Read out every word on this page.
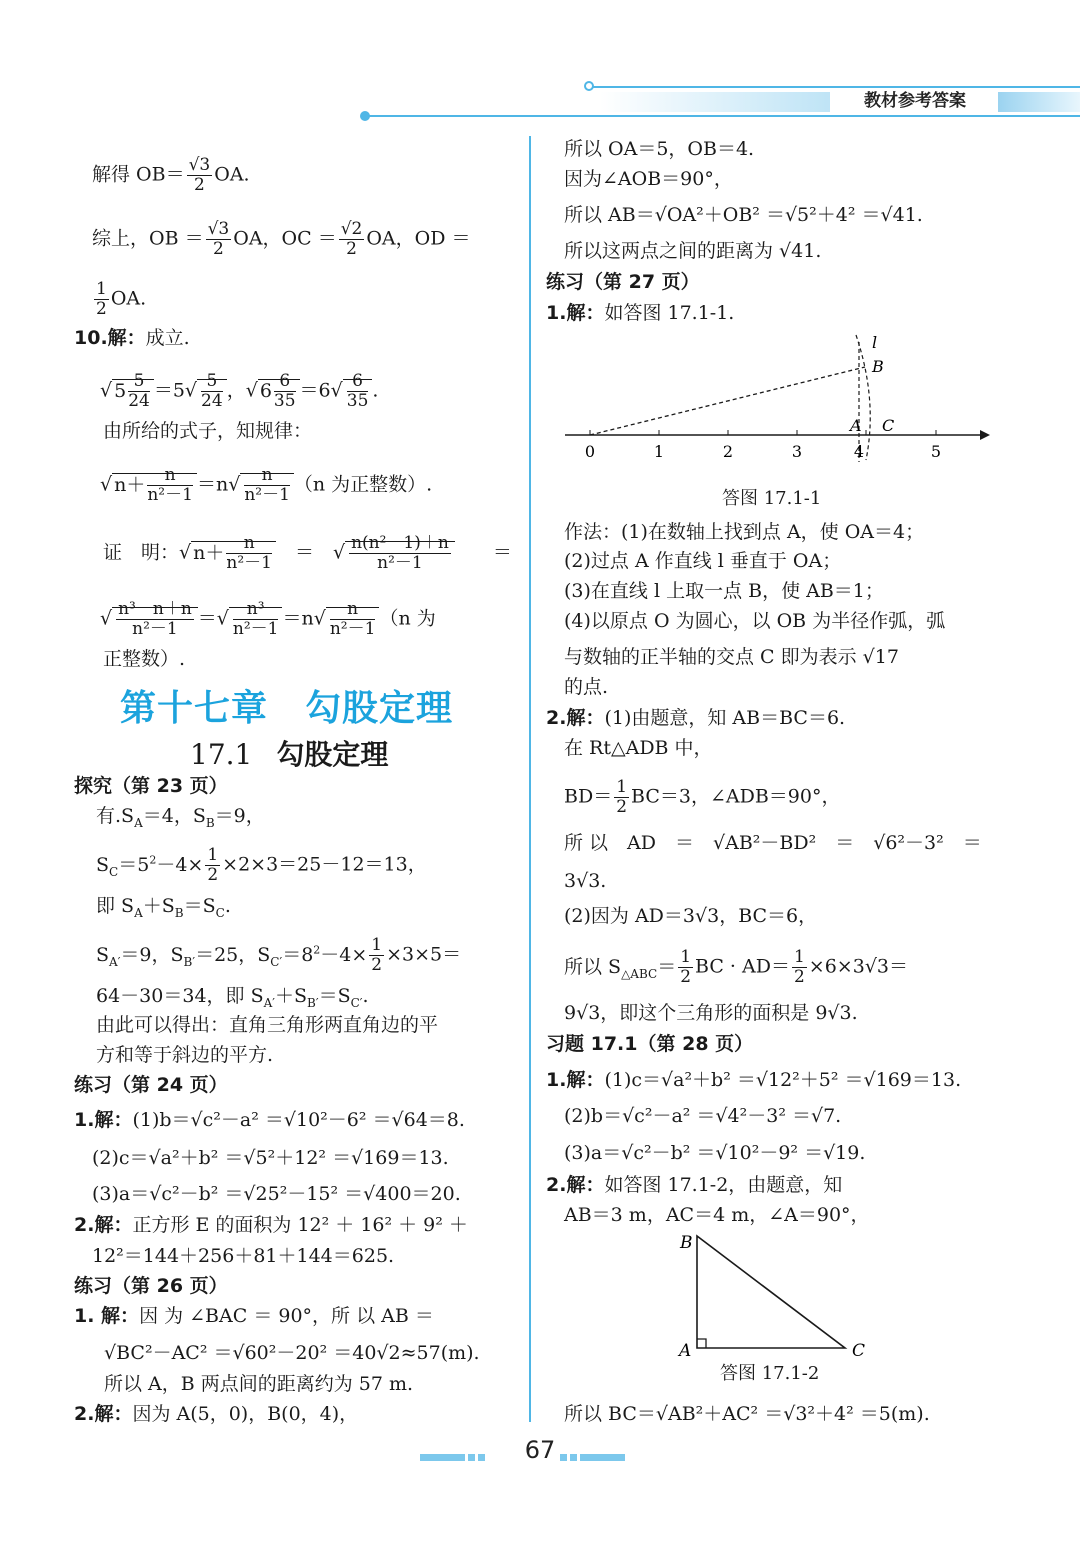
教材参考答案
解得 $OB= \frac{√3}{2}$ OA.
综上，OB ＝ $\frac{√3}{2}$ OA，OC ＝ $\frac{√2}{2}$ OA，OD ＝
$\frac{1}{2}$ OA.
10.解：成立.
√ $5 \frac{5}{24} =5√ \frac{5}{24}$ ，√ $6 \frac{6}{35} =6√ \frac{6}{35}$ .
由所给的式子，知规律：
√ $n+ \frac{n}{\text{n²－1}} =n√ \frac{n}{\text{n²－1}} (n$ 为正整数）.
证　明：√ $n+ \frac{n}{\text{n²－1}}$ 　＝　√ $\frac{\text{n(n²－1)＋n}}{\text{n²－1}}$ 　　＝
√ $\frac{\text{n³－n＋n}}{\text{n²－1}}$ ＝√ $\frac{\text{n³}}{\text{n²－1}} =n√ \frac{n}{\text{n²－1}} (n$ 为
正整数）.
第十七章　勾股定理
17.1 勾股定理
探究（第 23 页）
有$.S_A=4$，$S_B=9$，
$S_C=5^2-4\times \frac{1}{2} \times 2\times 3=25-12=13$，
即 $S_A+S_B=S_C$.
$S_{A'}=9$，$S_{B'}=25$，$S_{C'}=8^2-4\times \frac{1}{2} \times 3\times 5=$
64－30＝34，即 $S_{A'}+S_{B'}=S_{C'}$.
由此可以得出：直角三角形两直角边的平
方和等于斜边的平方.
练习（第 24 页）
1.解：(1)b＝√c²－a² ＝√10²－6² ＝√64＝8.
(2)c＝√a²＋b² ＝√5²＋12² ＝√169＝13.
(3)a＝√c²－b² ＝√25²－15² ＝√400＝20.
2.解：正方形 E 的面积为 12² ＋ 16² ＋ 9² ＋
12²＝144＋256＋81＋144＝625.
练习（第 26 页）
1. 解：因 为 ∠BAC ＝ 90°，所 以 AB ＝
√BC²－AC² ＝√60²－20² ＝40√2≈57(m).
所以 A，B 两点间的距离约为 57 m.
2.解：因为 A(5，0)，B(0，4)，
所以 OA＝5，OB＝4.
因为∠AOB＝90°，
所以 AB＝√OA²＋OB² ＝√5²＋4² ＝√41.
所以这两点之间的距离为 √41.
练习（第 27 页）
1.解：如答图 17.1-1.
0	1	2	3	4	5
l
B
A C
答图 17.1-1
作法：(1)在数轴上找到点 A，使 OA＝4；
(2)过点 A 作直线 l 垂直于 OA；
(3)在直线 l 上取一点 B，使 AB＝1；
(4)以原点 O 为圆心，以 OB 为半径作弧，弧
与数轴的正半轴的交点 C 即为表示 √17
的点.
2.解：(1)由题意，知 AB＝BC＝6.
在 Rt△ADB 中，
$BD= \frac{1}{2} BC=3$，∠ADB＝90°，
所 以　AD　＝　√AB²－BD²　＝　√6²－3²　＝
3√3.
(2)因为 AD＝3√3，BC＝6，
所以 $S_{\triangle ABC}= \frac{1}{2}$ BC · $AD= \frac{1}{2} \times 6\times 3√3=$
9√3，即这个三角形的面积是 9√3.
习题 17.1（第 28 页）
1.解：(1)c＝√a²＋b² ＝√12²＋5² ＝√169＝13.
(2)b＝√c²－a² ＝√4²－3² ＝√7.
(3)a＝√c²－b² ＝√10²－9² ＝√19.
2.解：如答图 17.1-2，由题意，知
AB＝3 m，AC＝4 m，∠A＝90°，
B
A	C
答图 17.1-2
所以 BC＝√AB²＋AC² ＝√3²＋4² ＝5(m).
67
